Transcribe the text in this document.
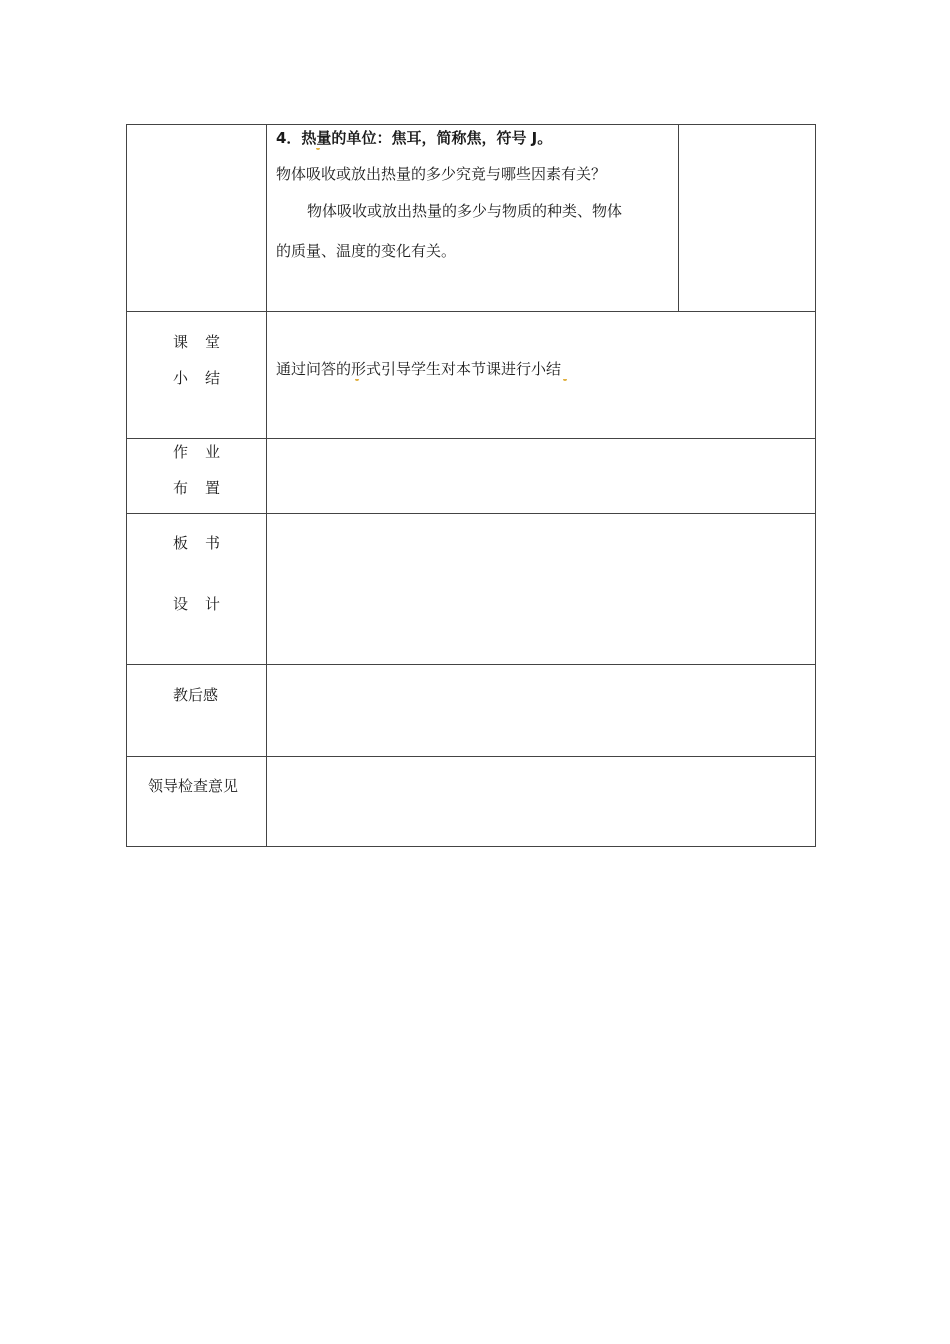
4．热量的单位：焦耳，简称焦，符号 J。
物体吸收或放出热量的多少究竟与哪些因素有关？
物体吸收或放出热量的多少与物质的种类、物体
的质量、温度的变化有关。
课 堂
小 结	通过问答的形式引导学生对本节课进行小结
作 业
布 置
板 书
设 计
教后感
领导检查意见
